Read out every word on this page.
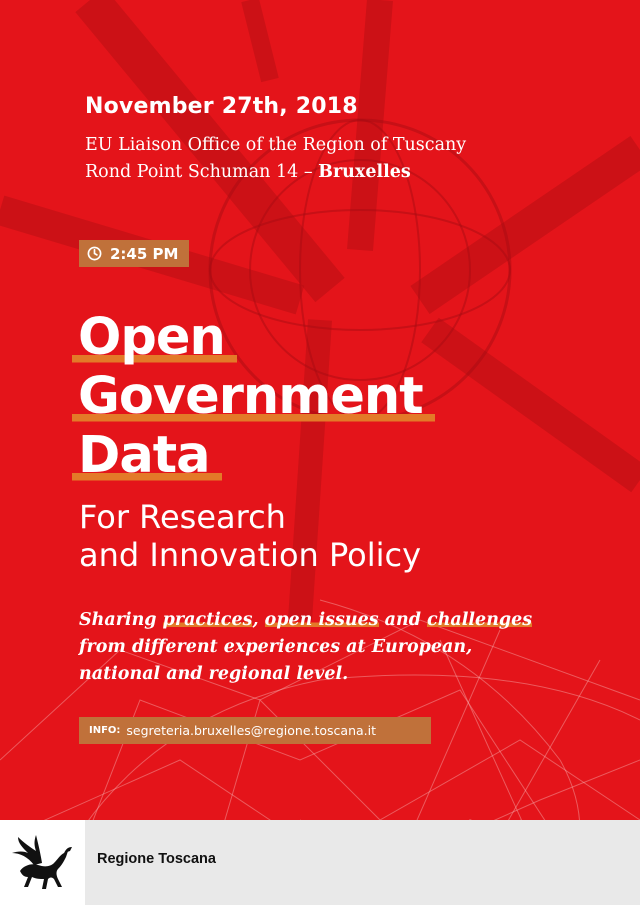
November 27th, 2018
EU Liaison Office of the Region of Tuscany
Rond Point Schuman 14 – Bruxelles
2:45 PM
Open
Government
Data
For Research
and Innovation Policy
Sharing practices, open issues and challenges
from different experiences at European,
national and regional level.
INFO: segreteria.bruxelles@regione.toscana.it
Regione Toscana
